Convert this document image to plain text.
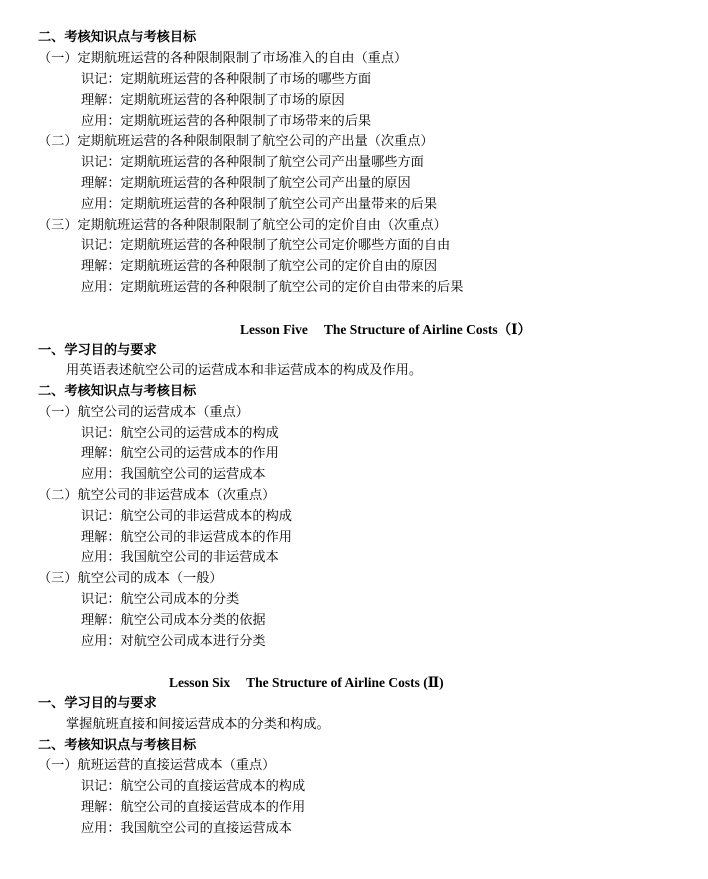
二、考核知识点与考核目标
（一）定期航班运营的各种限制限制了市场准入的自由（重点）
识记：定期航班运营的各种限制了市场的哪些方面
理解：定期航班运营的各种限制了市场的原因
应用：定期航班运营的各种限制了市场带来的后果
（二）定期航班运营的各种限制限制了航空公司的产出量（次重点）
识记：定期航班运营的各种限制了航空公司产出量哪些方面
理解：定期航班运营的各种限制了航空公司产出量的原因
应用：定期航班运营的各种限制了航空公司产出量带来的后果
（三）定期航班运营的各种限制限制了航空公司的定价自由（次重点）
识记：定期航班运营的各种限制了航空公司定价哪些方面的自由
理解：定期航班运营的各种限制了航空公司的定价自由的原因
应用：定期航班运营的各种限制了航空公司的定价自由带来的后果
Lesson Five The Structure of Airline Costs（Ⅰ）
一、学习目的与要求
用英语表述航空公司的运营成本和非运营成本的构成及作用。
二、考核知识点与考核目标
（一）航空公司的运营成本（重点）
识记：航空公司的运营成本的构成
理解：航空公司的运营成本的作用
应用：我国航空公司的运营成本
（二）航空公司的非运营成本（次重点）
识记：航空公司的非运营成本的构成
理解：航空公司的非运营成本的作用
应用：我国航空公司的非运营成本
（三）航空公司的成本（一般）
识记：航空公司成本的分类
理解：航空公司成本分类的依据
应用：对航空公司成本进行分类
Lesson Six The Structure of Airline Costs (Ⅱ)
一、学习目的与要求
掌握航班直接和间接运营成本的分类和构成。
二、考核知识点与考核目标
（一）航班运营的直接运营成本（重点）
识记：航空公司的直接运营成本的构成
理解：航空公司的直接运营成本的作用
应用：我国航空公司的直接运营成本
